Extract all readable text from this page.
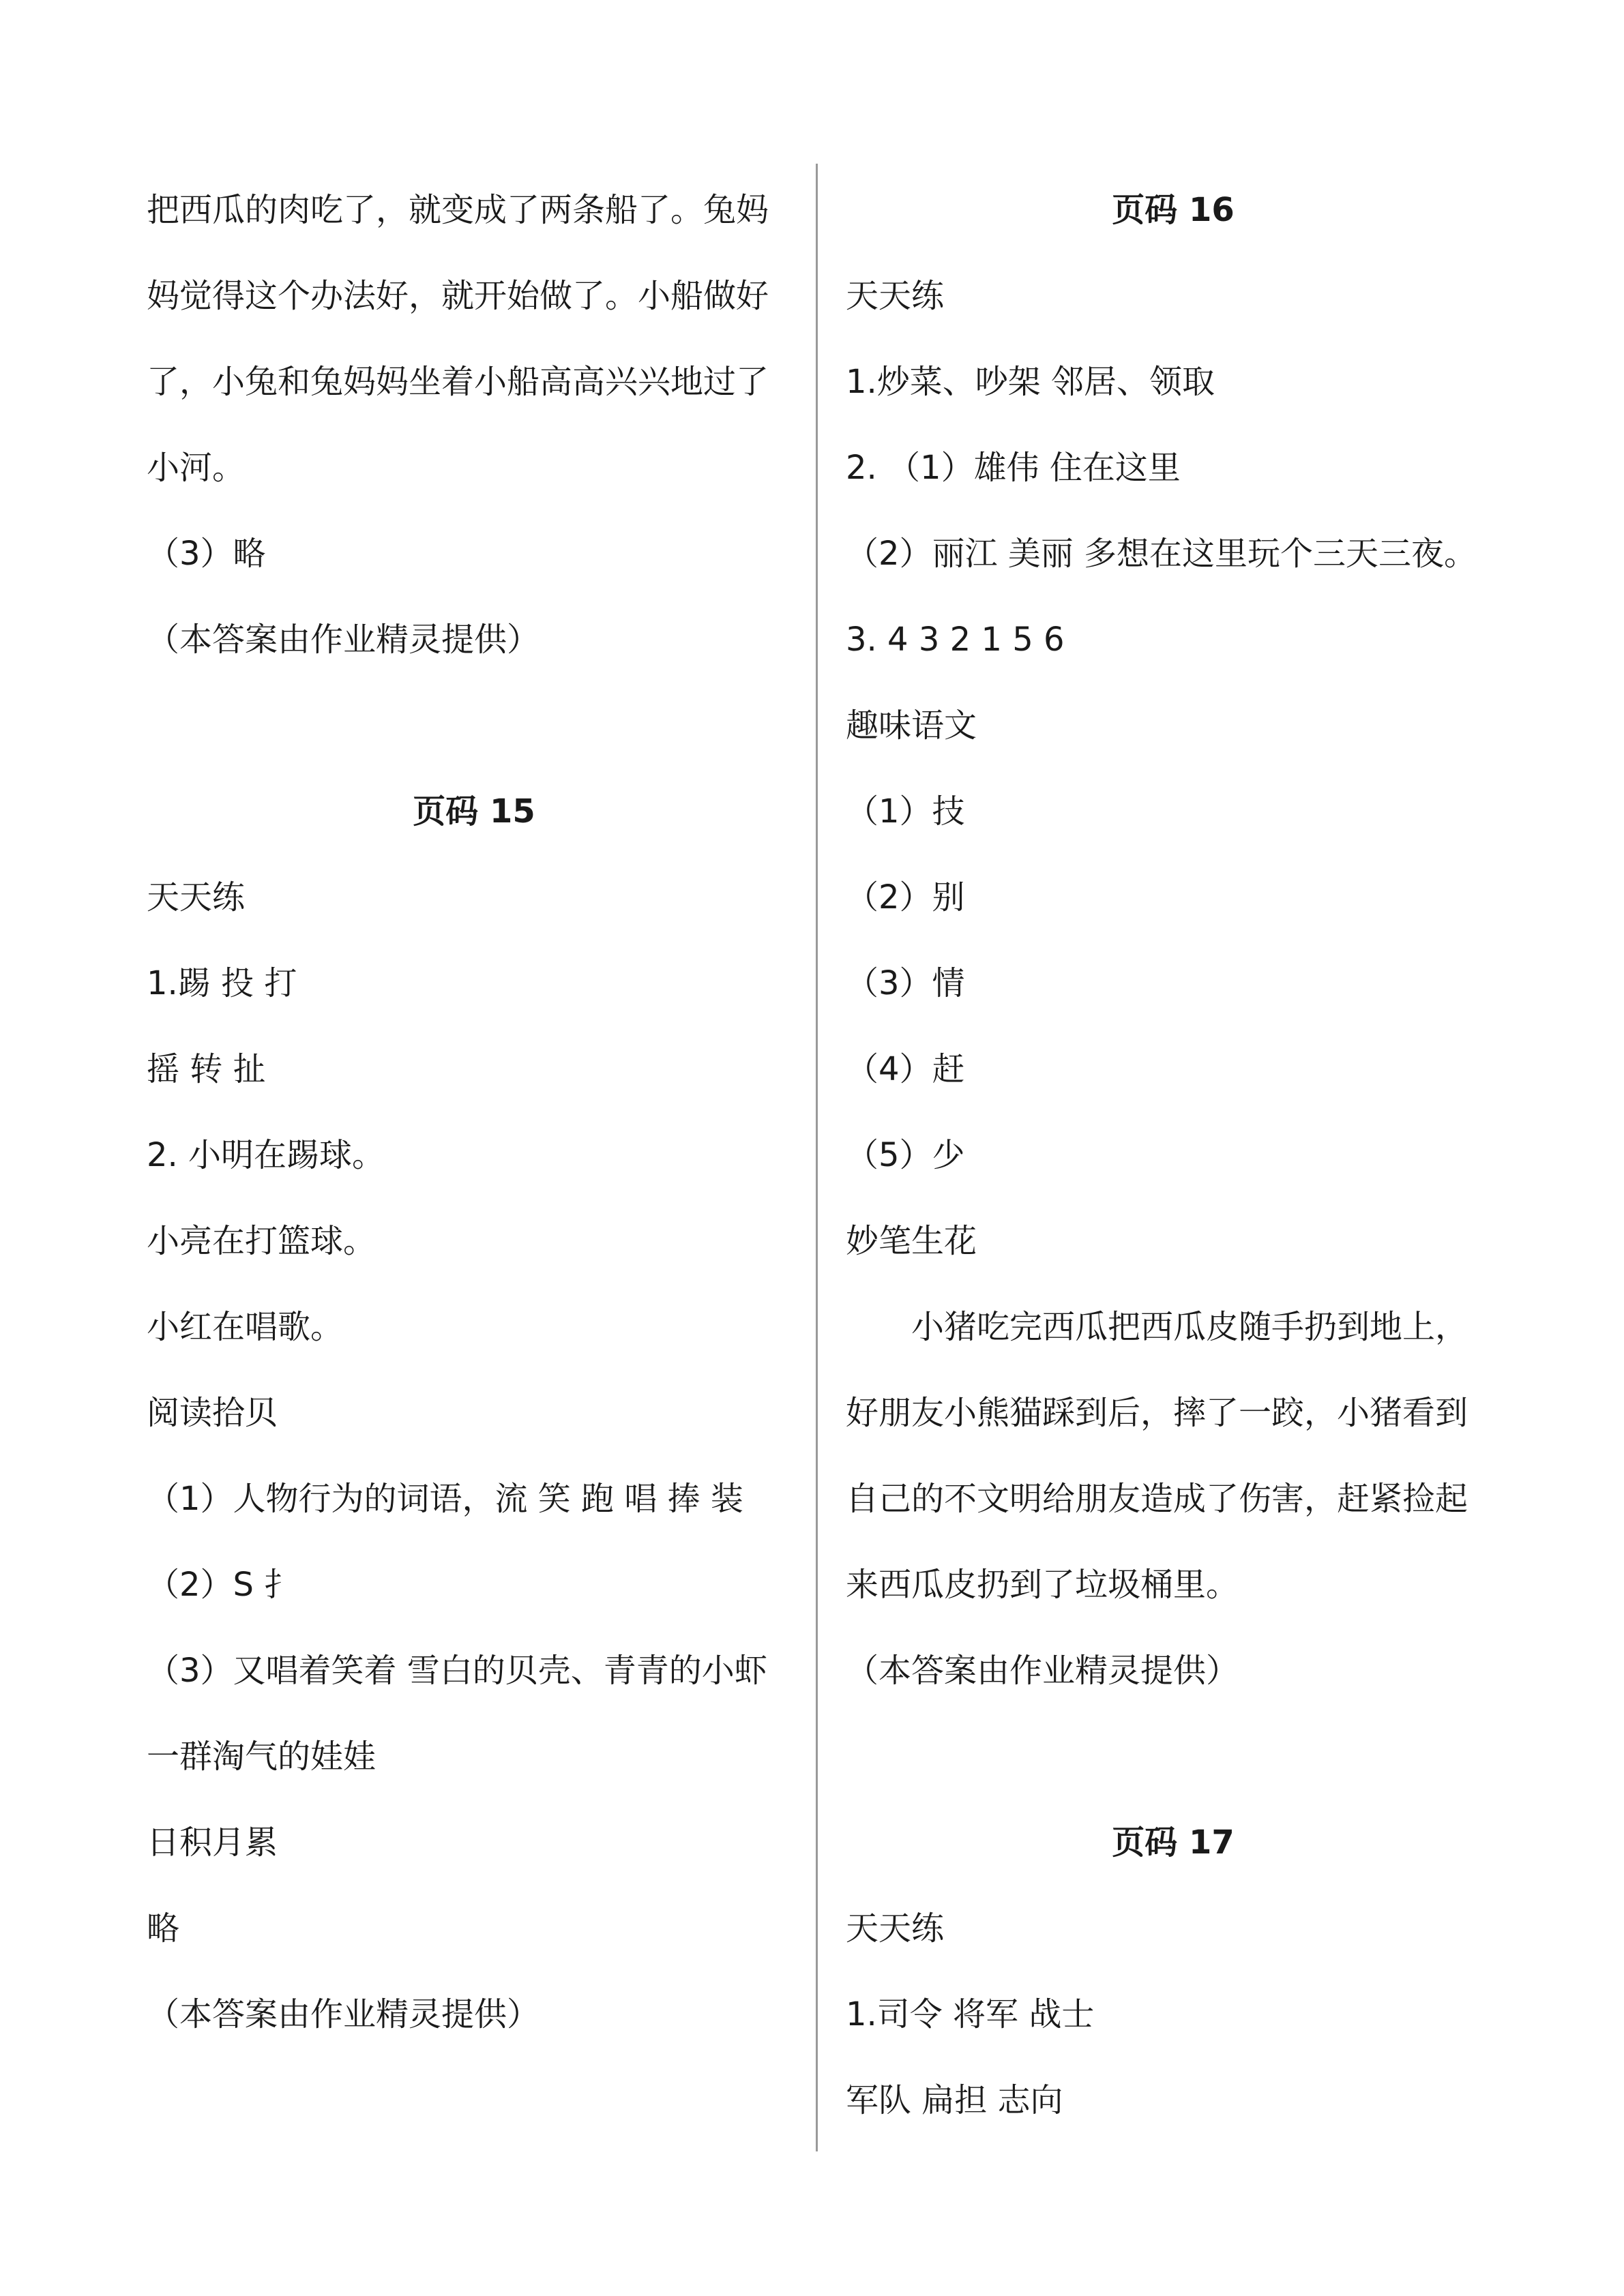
把西瓜的肉吃了，就变成了两条船了。兔妈
妈觉得这个办法好，就开始做了。小船做好
了，小兔和兔妈妈坐着小船高高兴兴地过了
小河。
（3）略
（本答案由作业精灵提供）
页码 15
天天练
1.踢 投 打
摇 转 扯
2. 小明在踢球。
小亮在打篮球。
小红在唱歌。
阅读拾贝
（1）人物行为的词语，流 笑 跑 唱 捧 装
（2）S 扌
（3）又唱着笑着 雪白的贝壳、青青的小虾
一群淘气的娃娃
日积月累
略
（本答案由作业精灵提供）
页码 16
天天练
1.炒菜、吵架 邻居、领取
2. （1）雄伟 住在这里
（2）丽江 美丽 多想在这里玩个三天三夜。
3. 4 3 2 1 5 6
趣味语文
（1）技
（2）别
（3）情
（4）赶
（5）少
妙笔生花
小猪吃完西瓜把西瓜皮随手扔到地上，
好朋友小熊猫踩到后，摔了一跤，小猪看到
自己的不文明给朋友造成了伤害，赶紧捡起
来西瓜皮扔到了垃圾桶里。
（本答案由作业精灵提供）
页码 17
天天练
1.司令 将军 战士
军队 扁担 志向
